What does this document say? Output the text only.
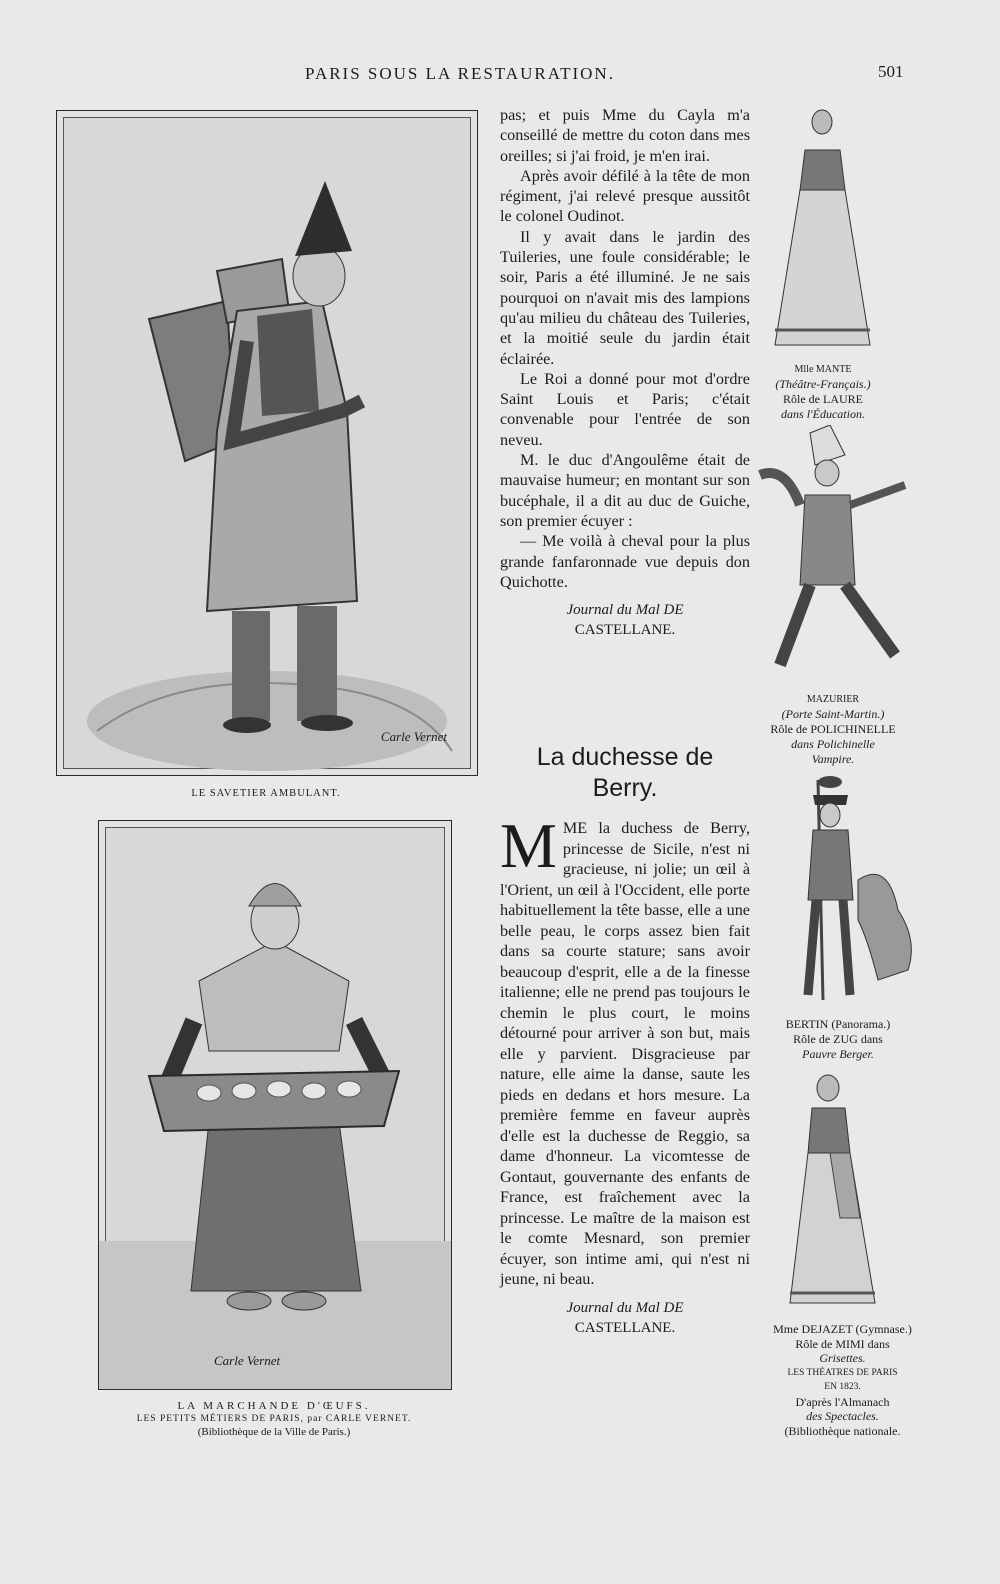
PARIS SOUS LA RESTAURATION.	501
Carle Vernet
LE SAVETIER AMBULANT.
Carle Vernet
LA MARCHANDE D'ŒUFS.
LES PETITS MÉTIERS DE PARIS, par CARLE VERNET.
(Bibliothèque de la Ville de Paris.)

pas; et puis Mme du Cayla m'a conseillé de mettre du coton dans mes oreilles; si j'ai froid, je m'en irai.

Après avoir défilé à la tête de mon régiment, j'ai relevé presque aussitôt le colonel Oudinot.

Il y avait dans le jardin des Tuileries, une foule considérable; le soir, Paris a été illuminé. Je ne sais pourquoi on n'avait mis des lampions qu'au milieu du château des Tuileries, et la moitié seule du jardin était éclairée.

Le Roi a donné pour mot d'ordre Saint Louis et Paris; c'était convenable pour l'entrée de son neveu.

M. le duc d'Angoulême était de mauvaise humeur; en montant sur son bucéphale, il a dit au duc de Guiche, son premier écuyer :

— Me voilà à cheval pour la plus grande fanfaronnade vue depuis don Quichotte.

Journal du Mal DE
CASTELLANE.
La duchesse de
Berry.

MME la duchess de Berry, princesse de Sicile, n'est ni gracieuse, ni jolie; un œil à l'Orient, un œil à l'Occident, elle porte habituellement la tête basse, elle a une belle peau, le corps assez bien fait dans sa courte stature; sans avoir beaucoup d'esprit, elle a de la finesse italienne; elle ne prend pas toujours le chemin le plus court, le moins détourné pour arriver à son but, mais elle y parvient. Disgracieuse par nature, elle aime la danse, saute les pieds en dedans et hors mesure. La première femme en faveur auprès d'elle est la duchesse de Reggio, sa dame d'honneur. La vicomtesse de Gontaut, gouvernante des enfants de France, est fraîchement avec la princesse. Le maître de la maison est le comte Mesnard, son premier écuyer, son intime ami, qui n'est ni jeune, ni beau.

Journal du Mal DE
CASTELLANE.
Mlle MANTE
(Théâtre-Français.)
Rôle de LAURE
dans l'Éducation.
MAZURIER
(Porte Saint-Martin.)
Rôle de POLICHINELLE
dans Polichinelle
Vampire.
BERTIN (Panorama.)
Rôle de ZUG dans
Pauvre Berger.
Mme DEJAZET (Gymnase.)
Rôle de MIMI dans
Grisettes.
LES THÉATRES DE PARIS
EN 1823.
D'après l'Almanach
des Spectacles.
(Bibliothèque nationale.
